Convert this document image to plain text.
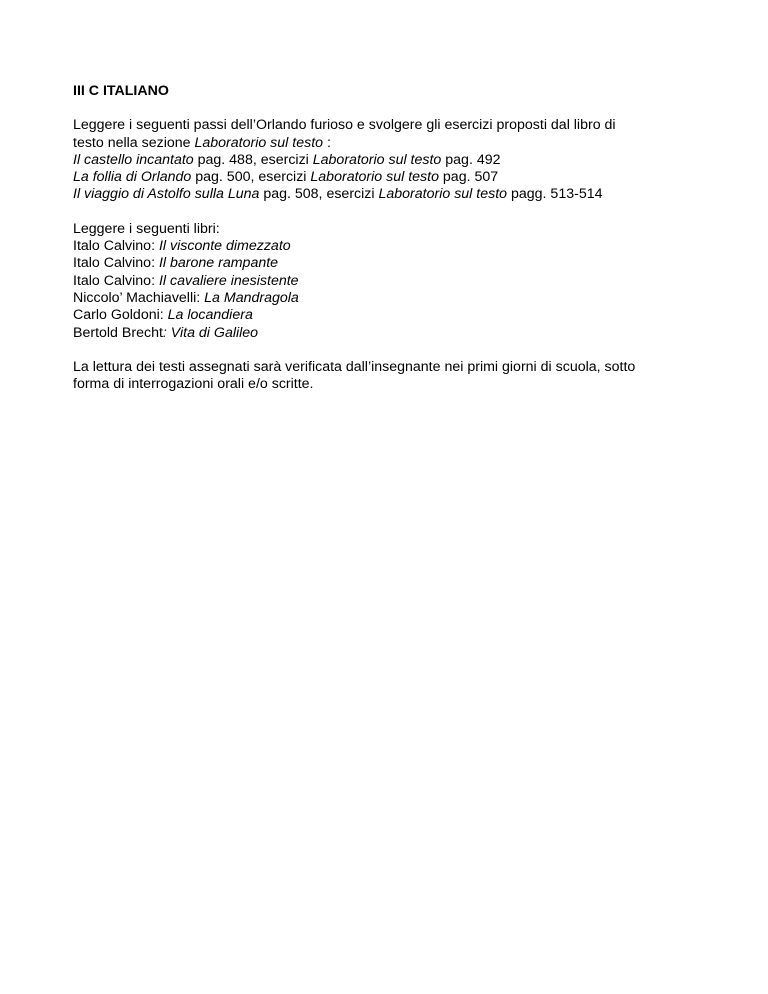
III C ITALIANO

Leggere i seguenti passi dell’Orlando furioso e svolgere gli esercizi proposti dal libro di
testo nella sezione Laboratorio sul testo :
Il castello incantato pag. 488, esercizi Laboratorio sul testo pag. 492
La follia di Orlando pag. 500, esercizi Laboratorio sul testo pag. 507
Il viaggio di Astolfo sulla Luna pag. 508, esercizi Laboratorio sul testo pagg. 513-514
Leggere i seguenti libri:
Italo Calvino: Il visconte dimezzato
Italo Calvino: Il barone rampante
Italo Calvino: Il cavaliere inesistente
Niccolo’ Machiavelli: La Mandragola
Carlo Goldoni: La locandiera
Bertold Brecht: Vita di Galileo
La lettura dei testi assegnati sarà verificata dall’insegnante nei primi giorni di scuola, sotto
forma di interrogazioni orali e/o scritte.
